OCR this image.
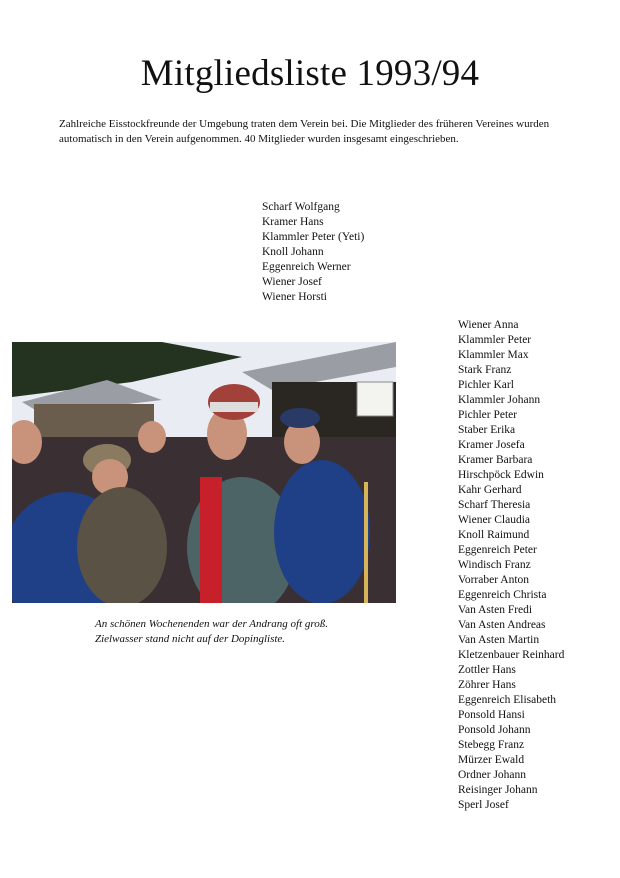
Mitgliedsliste 1993/94

Zahlreiche Eisstockfreunde der Umgebung traten dem Verein bei. Die Mitglieder des früheren Vereines wurden automatisch in den Verein aufgenommen. 40 Mitglieder wurden insgesamt eingeschrieben.

Scharf Wolfgang
Kramer Hans
Klammler Peter (Yeti)
Knoll Johann
Eggenreich Werner
Wiener Josef
Wiener Horsti
Wiener Anna
Klammler Peter
Klammler Max
Stark Franz
Pichler Karl
Klammler Johann
Pichler Peter
Staber Erika
Kramer Josefa
Kramer Barbara
Hirschpöck Edwin
Kahr Gerhard
Scharf Theresia
Wiener Claudia
Knoll Raimund
Eggenreich Peter
Windisch Franz
Vorraber Anton
Eggenreich Christa
Van Asten Fredi
Van Asten Andreas
Van Asten Martin
Kletzenbauer Reinhard
Zottler Hans
Zöhrer Hans
Eggenreich Elisabeth
Ponsold Hansi
Ponsold Johann
Stebegg Franz
Mürzer Ewald
Ordner Johann
Reisinger Johann
Sperl Josef

An schönen Wochenenden war der Andrang oft groß.
Zielwasser stand nicht auf der Dopingliste.
